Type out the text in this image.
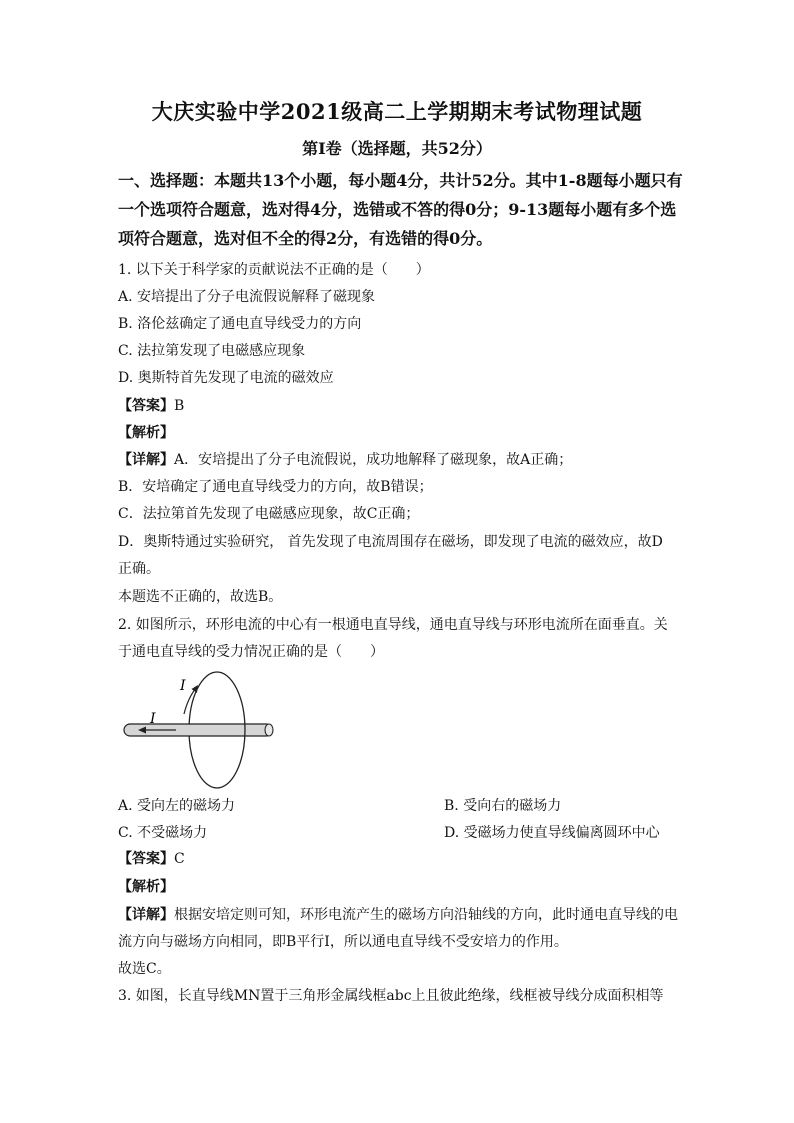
大庆实验中学2021级高二上学期期末考试物理试题
第I卷（选择题，共52分）
一、选择题：本题共13个小题，每小题4分，共计52分。其中1-8题每小题只有一个选项符合题意，选对得4分，选错或不答的得0分；9-13题每小题有多个选项符合题意，选对但不全的得2分，有选错的得0分。
1. 以下关于科学家的贡献说法不正确的是（　　）
A. 安培提出了分子电流假说解释了磁现象
B. 洛伦兹确定了通电直导线受力的方向
C. 法拉第发现了电磁感应现象
D. 奥斯特首先发现了电流的磁效应
【答案】B
【解析】
【详解】A．安培提出了分子电流假说，成功地解释了磁现象，故A正确；
B．安培确定了通电直导线受力的方向，故B错误；
C．法拉第首先发现了电磁感应现象，故C正确；
D．奥斯特通过实验研究， 首先发现了电流周围存在磁场，即发现了电流的磁效应，故D
正确。
本题选不正确的，故选B。
2. 如图所示，环形电流的中心有一根通电直导线，通电直导线与环形电流所在面垂直。关
于通电直导线的受力情况正确的是（　　）
I
I
A. 受向左的磁场力	B. 受向右的磁场力
C. 不受磁场力	D. 受磁场力使直导线偏离圆环中心
【答案】C
【解析】
【详解】根据安培定则可知，环形电流产生的磁场方向沿轴线的方向，此时通电直导线的电
流方向与磁场方向相同，即B平行I，所以通电直导线不受安培力的作用。
故选C。
3. 如图，长直导线MN置于三角形金属线框abc上且彼此绝缘，线框被导线分成面积相等
